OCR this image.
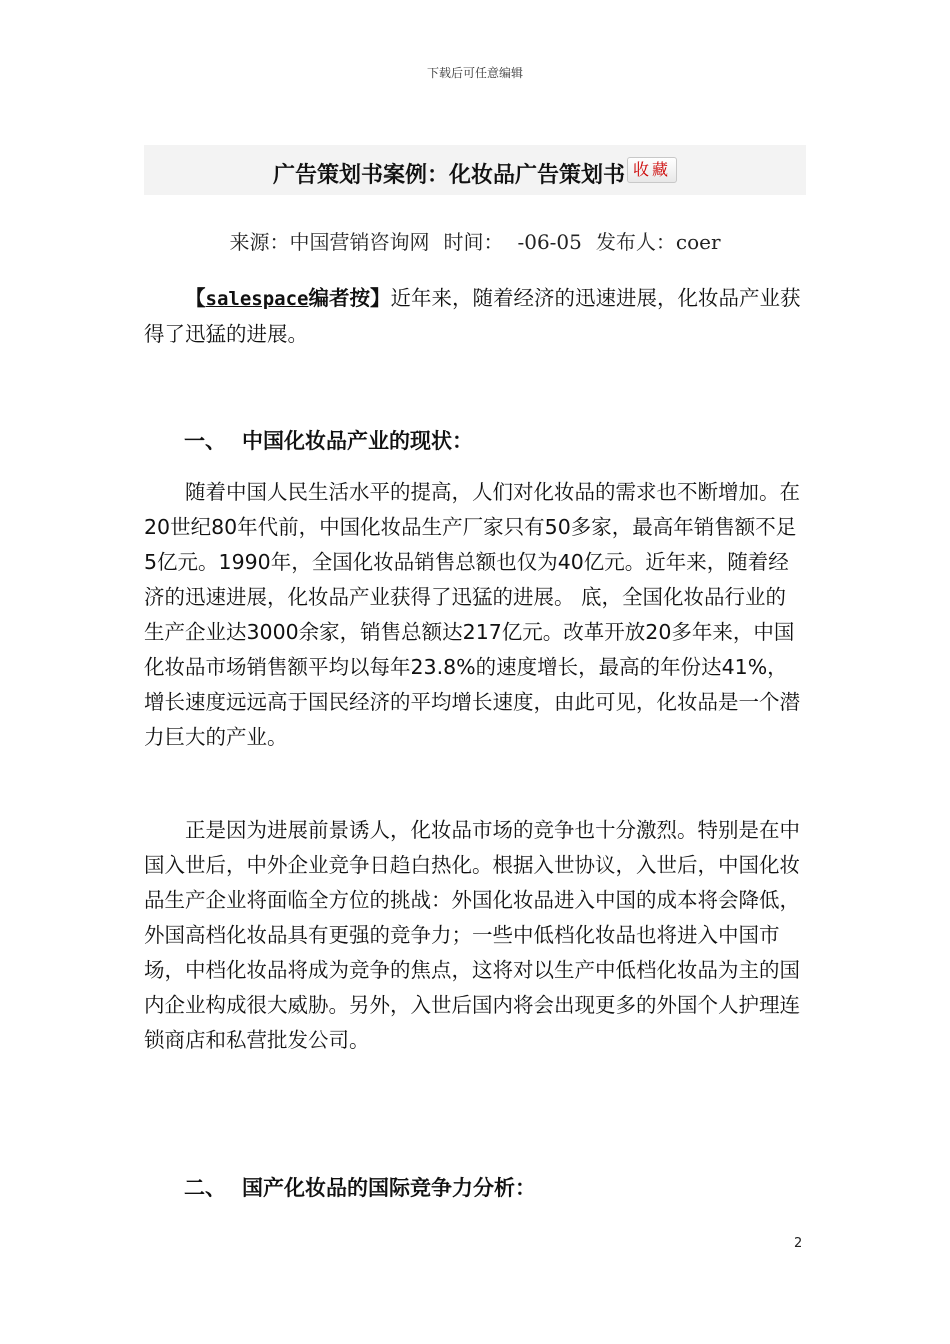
下载后可任意编辑
广告策划书案例：化妆品广告策划书 收藏
来源：中国营销咨询网 时间： -06-05 发布人：coer
【salespace编者按】近年来，随着经济的迅速进展，化妆品产业获得了迅猛的进展。
一、 中国化妆品产业的现状：
随着中国人民生活水平的提高，人们对化妆品的需求也不断增加。在20世纪80年代前，中国化妆品生产厂家只有50多家，最高年销售额不足5亿元。1990年，全国化妆品销售总额也仅为40亿元。近年来，随着经济的迅速进展，化妆品产业获得了迅猛的进展。 底，全国化妆品行业的生产企业达3000余家，销售总额达217亿元。改革开放20多年来，中国化妆品市场销售额平均以每年23.8%的速度增长，最高的年份达41%，增长速度远远高于国民经济的平均增长速度，由此可见，化妆品是一个潜力巨大的产业。
正是因为进展前景诱人，化妆品市场的竞争也十分激烈。特别是在中国入世后，中外企业竞争日趋白热化。根据入世协议，入世后，中国化妆品生产企业将面临全方位的挑战：外国化妆品进入中国的成本将会降低，外国高档化妆品具有更强的竞争力；一些中低档化妆品也将进入中国市场，中档化妆品将成为竞争的焦点，这将对以生产中低档化妆品为主的国内企业构成很大威胁。另外，入世后国内将会出现更多的外国个人护理连锁商店和私营批发公司。
二、 国产化妆品的国际竞争力分析：
2
